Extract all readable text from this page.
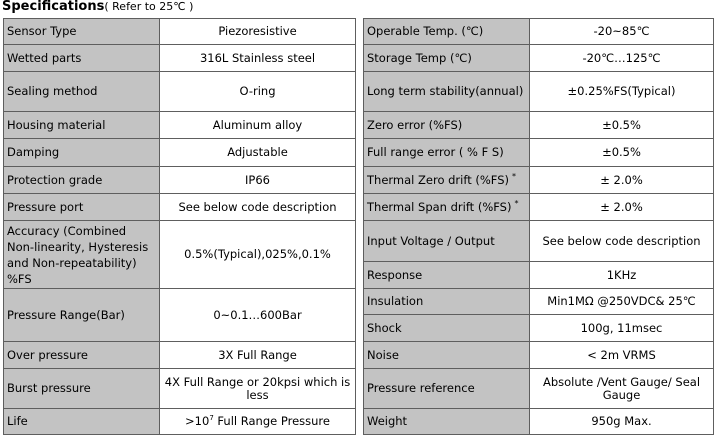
Specifications( Refer to 25℃ )
Sensor Type	Piezoresistive
Wetted parts	316L Stainless steel
Sealing method	O-ring
Housing material	Aluminum alloy
Damping	Adjustable
Protection grade	IP66
Pressure port	See below code description
Accuracy (Combined Non-linearity, Hysteresis and Non-repeatability) %FS	0.5%(Typical),025%,0.1%
Pressure Range(Bar)	0~0.1…600Bar
Over pressure	3X Full Range
Burst pressure	4X Full Range or 20kpsi which is less
Life	$>10^7$ Full Range Pressure
Operable Temp. (℃)	-20~85℃
Storage Temp (℃)	-20℃…125℃
Long term stability(annual)	±0.25%FS(Typical)
Zero error (%FS)	±0.5%
Full range error ( % F S)	±0.5%
Thermal Zero drift (%FS) *	± 2.0%
Thermal Span drift (%FS) *	± 2.0%
Input Voltage / Output	See below code description
Response	1KHz
Insulation	Min1MΩ @250VDC& 25℃
Shock	100g, 11msec
Noise	< 2m VRMS
Pressure reference	Absolute /Vent Gauge/ Seal Gauge
Weight	950g Max.
